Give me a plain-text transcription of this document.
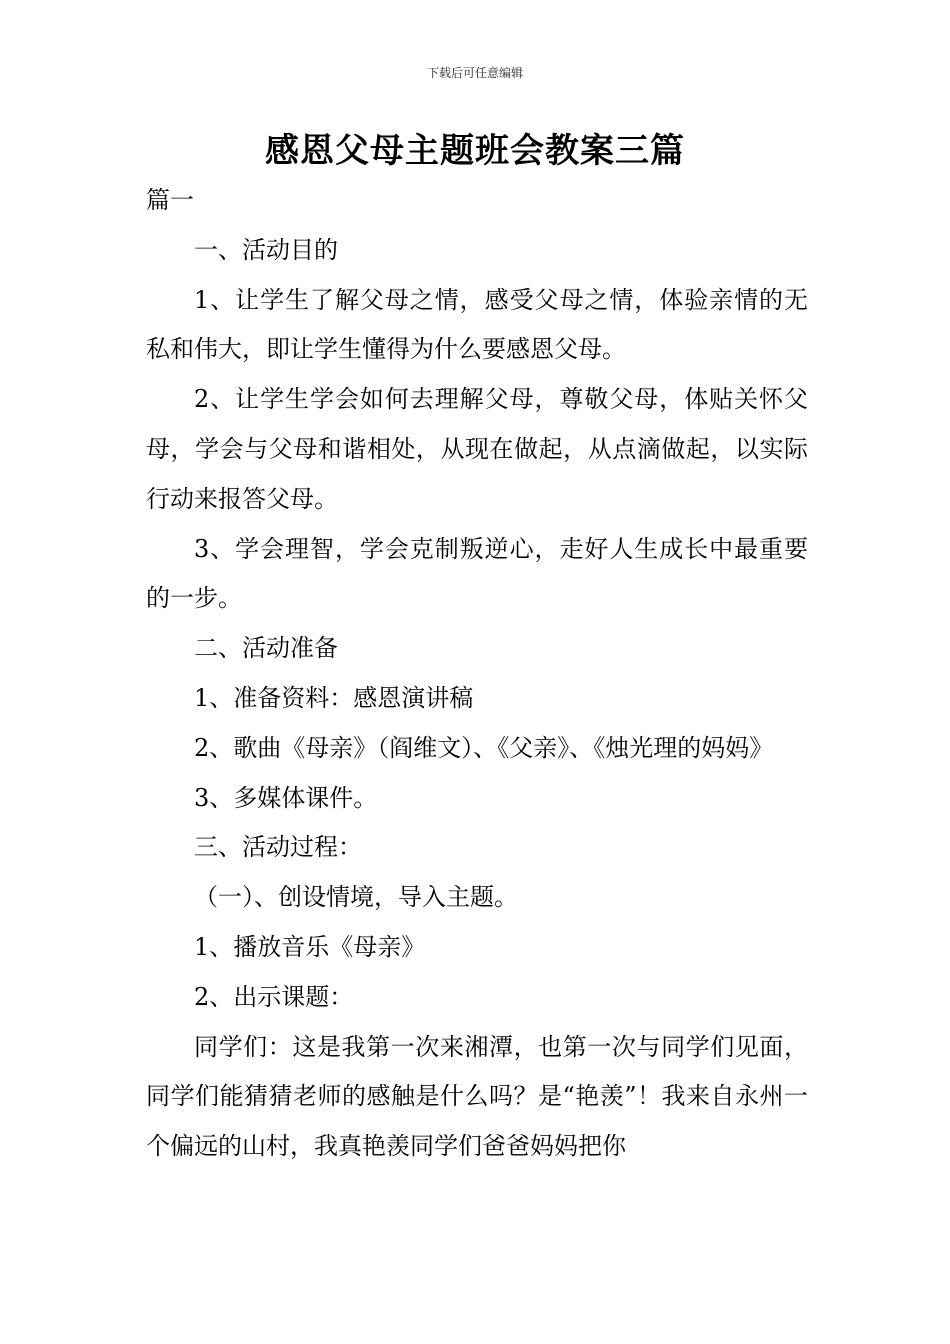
下载后可任意编辑
感恩父母主题班会教案三篇

篇一

一、活动目的

1、让学生了解父母之情，感受父母之情，体验亲情的无私和伟大，即让学生懂得为什么要感恩父母。

2、让学生学会如何去理解父母，尊敬父母，体贴关怀父母，学会与父母和谐相处，从现在做起，从点滴做起，以实际行动来报答父母。

3、学会理智，学会克制叛逆心，走好人生成长中最重要的一步。

二、活动准备

1、准备资料：感恩演讲稿

2、歌曲《母亲》（阎维文）、《父亲》、《烛光理的妈妈》

3、多媒体课件。

三、活动过程：

（一）、创设情境，导入主题。

1、播放音乐《母亲》

2、出示课题：

同学们：这是我第一次来湘潭，也第一次与同学们见面，同学们能猜猜老师的感触是什么吗？是“艳羡”！我来自永州一个偏远的山村，我真艳羡同学们爸爸妈妈把你
